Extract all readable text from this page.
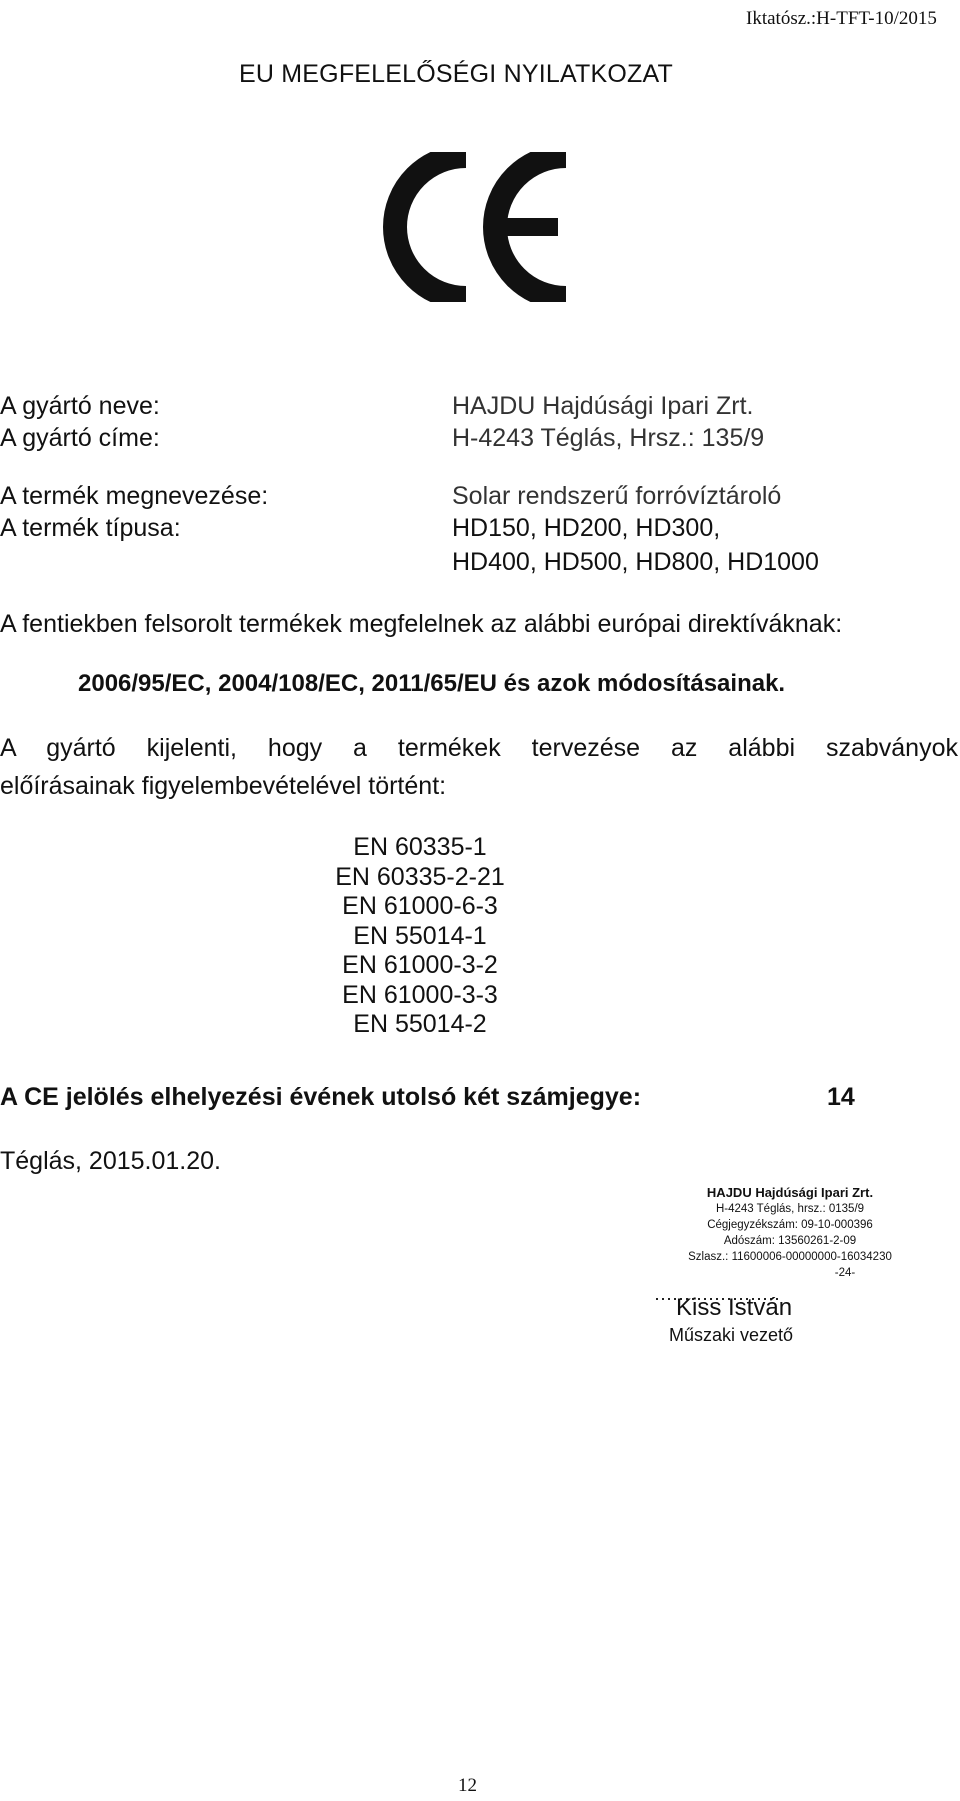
Iktatósz.:H-TFT-10/2015
EU MEGFELELŐSÉGI NYILATKOZAT
A gyártó neve:	HAJDU Hajdúsági Ipari Zrt.
A gyártó címe:	H-4243 Téglás, Hrsz.: 135/9
A termék megnevezése:	Solar rendszerű forróvíztároló
A termék típusa:	HD150, HD200, HD300,
HD400, HD500, HD800, HD1000
A fentiekben felsorolt termékek megfelelnek az alábbi európai direktíváknak:
2006/95/EC, 2004/108/EC, 2011/65/EU és azok módosításainak.
A gyártó kijelenti, hogy a termékek tervezése az alábbi szabványok
előírásainak figyelembevételével történt:
EN 60335-1
EN 60335-2-21
EN 61000-6-3
EN 55014-1
EN 61000-3-2
EN 61000-3-3
EN 55014-2
A CE jelölés elhelyezési évének utolsó két számjegye:	14
Téglás, 2015.01.20.
HAJDU Hajdúsági Ipari Zrt.
H-4243 Téglás, hrsz.: 0135/9
Cégjegyzékszám: 09-10-000396
Adószám: 13560261-2-09
Szlasz.: 11600006-00000000-16034230
-24-
Kiss István
Műszaki vezető
12
